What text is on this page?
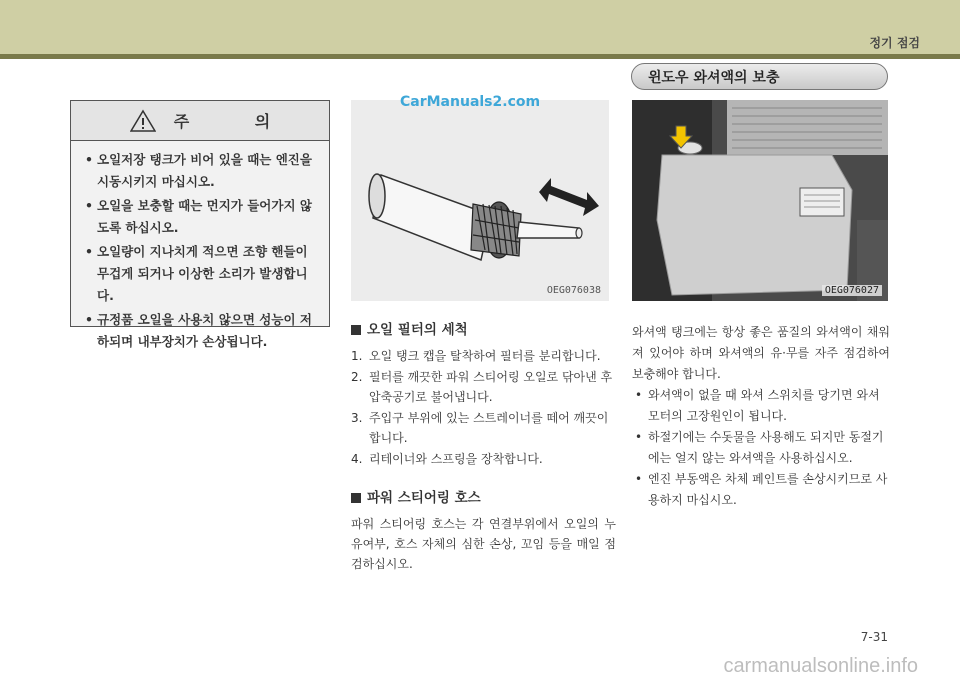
정기 점검
주 의
• 오일저장 탱크가 비어 있을 때는 엔진을 시동시키지 마십시오.
• 오일을 보충할 때는 먼지가 들어가지 않도록 하십시오.
• 오일량이 지나치게 적으면 조향 핸들이 무겁게 되거나 이상한 소리가 발생합니다.
• 규정품 오일을 사용치 않으면 성능이 저하되며 내부장치가 손상됩니다.
OEG076038
CarManuals2.com
OEG076027
오일 필터의 세척
1. 오일 탱크 캡을 탈착하여 필터를 분리합니다.
2. 필터를 깨끗한 파워 스티어링 오일로 닦아낸 후 압축공기로 불어냅니다.
3. 주입구 부위에 있는 스트레이너를 떼어 깨끗이 합니다.
4. 리테이너와 스프링을 장착합니다.
파워 스티어링 호스

파워 스티어링 호스는 각 연결부위에서 오일의 누유여부, 호스 자체의 심한 손상, 꼬임 등을 매일 점검하십시오.

윈도우 와셔액의 보충

와셔액 탱크에는 항상 좋은 품질의 와셔액이 채워져 있어야 하며 와셔액의 유·무를 자주 점검하여 보충해야 합니다.

• 와셔액이 없을 때 와셔 스위치를 당기면 와셔 모터의 고장원인이 됩니다.
• 하절기에는 수돗물을 사용해도 되지만 동절기에는 얼지 않는 와셔액을 사용하십시오.
• 엔진 부동액은 차체 페인트를 손상시키므로 사용하지 마십시오.
7-31
carmanualsonline.info
